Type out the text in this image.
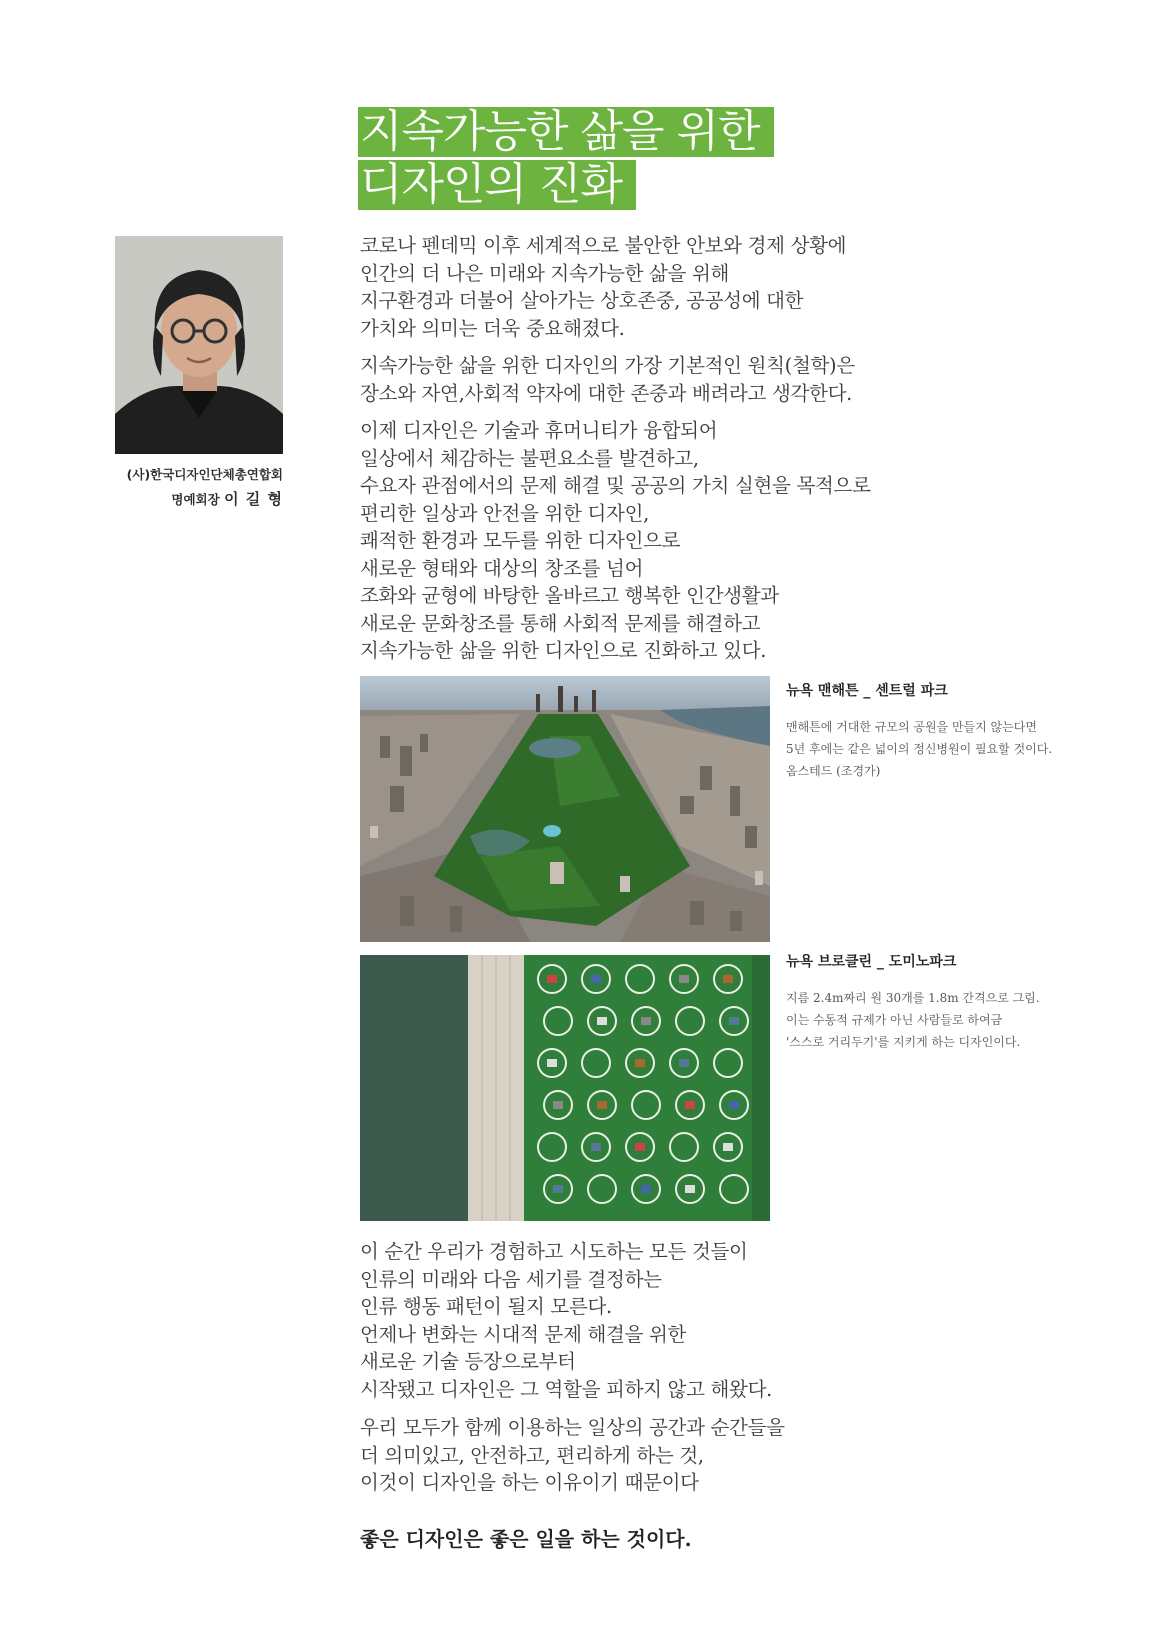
지속가능한 삶을 위한
디자인의 진화
(사)한국디자인단체총연합회
명예회장 이 길 형
코로나 펜데믹 이후 세계적으로 불안한 안보와 경제 상황에
인간의 더 나은 미래와 지속가능한 삶을 위해
지구환경과 더불어 살아가는 상호존중, 공공성에 대한
가치와 의미는 더욱 중요해졌다.
지속가능한 삶을 위한 디자인의 가장 기본적인 원칙(철학)은
장소와 자연,사회적 약자에 대한 존중과 배려라고 생각한다.
이제 디자인은 기술과 휴머니티가 융합되어
일상에서 체감하는 불편요소를 발견하고,
수요자 관점에서의 문제 해결 및 공공의 가치 실현을 목적으로
편리한 일상과 안전을 위한 디자인,
쾌적한 환경과 모두를 위한 디자인으로
새로운 형태와 대상의 창조를 넘어
조화와 균형에 바탕한 올바르고 행복한 인간생활과
새로운 문화창조를 통해 사회적 문제를 해결하고
지속가능한 삶을 위한 디자인으로 진화하고 있다.
뉴욕 맨해튼 _ 센트럴 파크
맨해튼에 거대한 규모의 공원을 만들지 않는다면
5년 후에는 같은 넓이의 정신병원이 필요할 것이다.
옴스테드 (조경가)
뉴욕 브로클린 _ 도미노파크
지름 2.4m짜리 원 30개를 1.8m 간격으로 그림.
이는 수동적 규제가 아닌 사람들로 하여금
'스스로 거리두기'를 지키게 하는 디자인이다.
이 순간 우리가 경험하고 시도하는 모든 것들이
인류의 미래와 다음 세기를 결정하는
인류 행동 패턴이 될지 모른다.
언제나 변화는 시대적 문제 해결을 위한
새로운 기술 등장으로부터
시작됐고 디자인은 그 역할을 피하지 않고 해왔다.
우리 모두가 함께 이용하는 일상의 공간과 순간들을
더 의미있고, 안전하고, 편리하게 하는 것,
이것이 디자인을 하는 이유이기 때문이다
좋은 디자인은 좋은 일을 하는 것이다.
